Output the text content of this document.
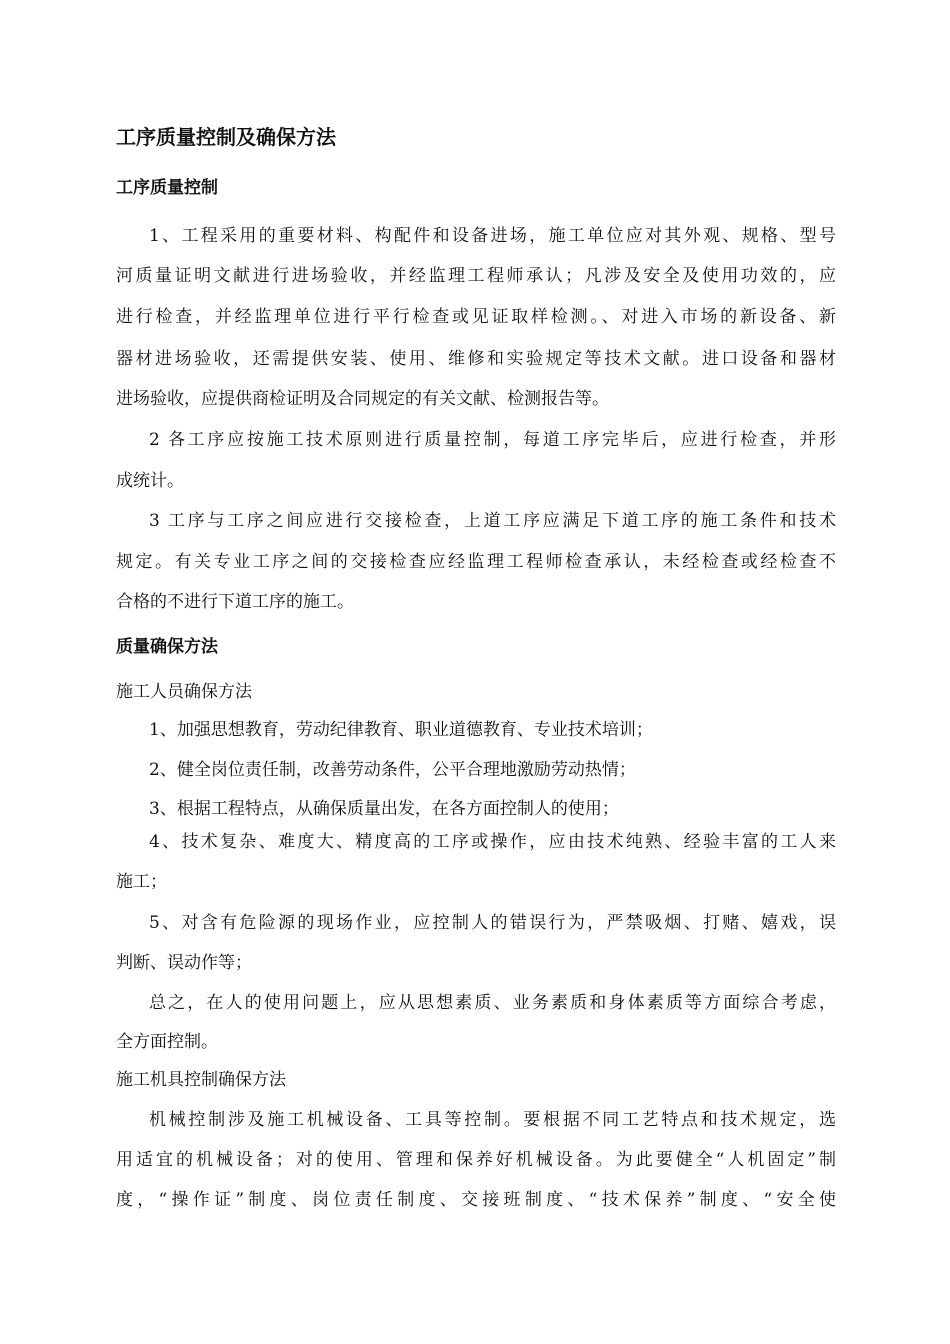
工序质量控制及确保方法
工序质量控制
1、工程采用的重要材料、构配件和设备进场，施工单位应对其外观、规格、型号
河质量证明文献进行进场验收，并经监理工程师承认；凡涉及安全及使用功效的，应
进行检查，并经监理单位进行平行检查或见证取样检测。、对进入市场的新设备、新
器材进场验收，还需提供安装、使用、维修和实验规定等技术文献。进口设备和器材
进场验收，应提供商检证明及合同规定的有关文献、检测报告等。
2 各工序应按施工技术原则进行质量控制，每道工序完毕后，应进行检查，并形
成统计。
3 工序与工序之间应进行交接检查，上道工序应满足下道工序的施工条件和技术
规定。有关专业工序之间的交接检查应经监理工程师检查承认，未经检查或经检查不
合格的不进行下道工序的施工。
质量确保方法
施工人员确保方法
1、加强思想教育，劳动纪律教育、职业道德教育、专业技术培训；
2、健全岗位责任制，改善劳动条件，公平合理地激励劳动热情；
3、根据工程特点，从确保质量出发，在各方面控制人的使用；
4、技术复杂、难度大、精度高的工序或操作，应由技术纯熟、经验丰富的工人来
施工；
5、对含有危险源的现场作业，应控制人的错误行为，严禁吸烟、打赌、嬉戏，误
判断、误动作等；
总之，在人的使用问题上，应从思想素质、业务素质和身体素质等方面综合考虑，
全方面控制。
施工机具控制确保方法
机械控制涉及施工机械设备、工具等控制。要根据不同工艺特点和技术规定，选
用适宜的机械设备；对的使用、管理和保养好机械设备。为此要健全“人机固定”制
度，“操作证”制度、岗位责任制度、交接班制度、“技术保养”制度、“安全使
